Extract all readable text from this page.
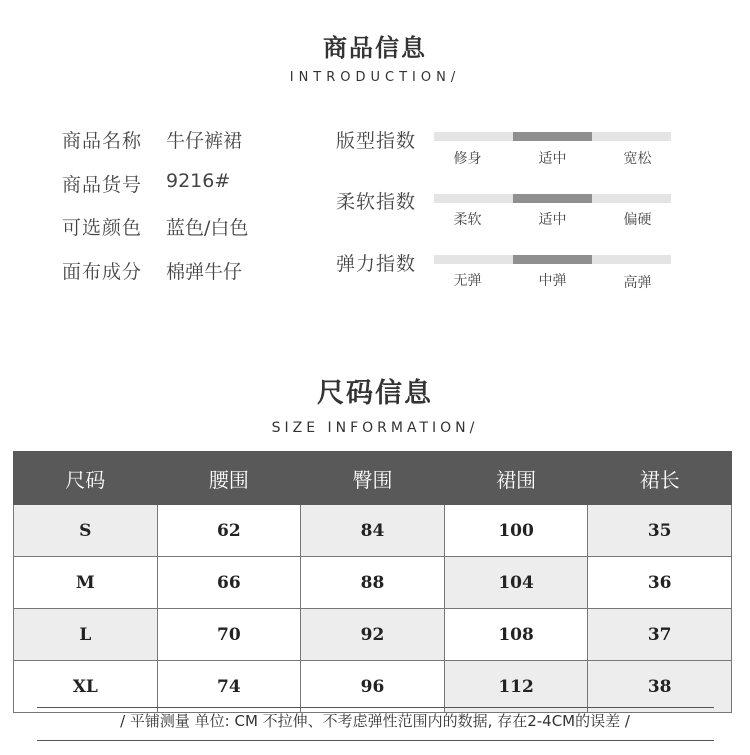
商品信息
INTRODUCTION/
商品名称	牛仔裤裙
商品货号	9216#
可选颜色	蓝色/白色
面布成分	棉弹牛仔
版型指数
修身	适中	宽松
柔软指数
柔软	适中	偏硬
弹力指数
无弹	中弹	高弹
尺码信息
SIZE INFORMATION/
尺码	腰围	臀围	裙围	裙长
S	62	84	100	35
M	66	88	104	36
L	70	92	108	37
XL	74	96	112	38
/ 平铺测量 单位: CM 不拉伸、不考虑弹性范围内的数据, 存在2-4CM的误差 /
